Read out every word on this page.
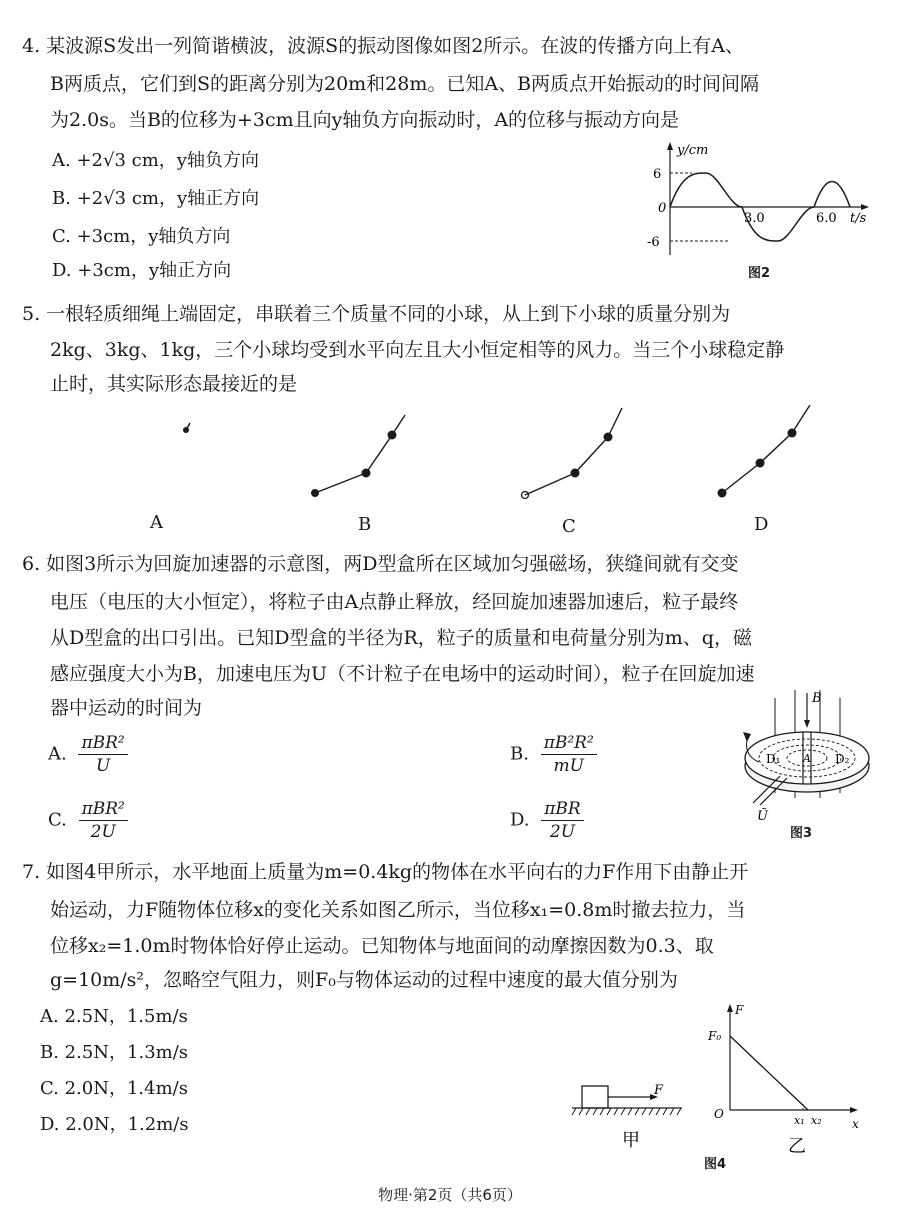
4. 某波源S发出一列简谐横波，波源S的振动图像如图2所示。在波的传播方向上有A、
B两质点，它们到S的距离分别为20m和28m。已知A、B两质点开始振动的时间间隔
为2.0s。当B的位移为+3cm且向y轴负方向振动时，A的位移与振动方向是
A. +2√3 cm，y轴负方向
B. +2√3 cm，y轴正方向
C. +3cm，y轴负方向
D. +3cm，y轴正方向
y/cm
6
0
-6
3.0	6.0 t/s
图2
5. 一根轻质细绳上端固定，串联着三个质量不同的小球，从上到下小球的质量分别为
2kg、3kg、1kg，三个小球均受到水平向左且大小恒定相等的风力。当三个小球稳定静
止时，其实际形态最接近的是
A	B	C	D
6. 如图3所示为回旋加速器的示意图，两D型盒所在区域加匀强磁场，狭缝间就有交变
电压（电压的大小恒定），将粒子由A点静止释放，经回旋加速器加速后，粒子最终
从D型盒的出口引出。已知D型盒的半径为R，粒子的质量和电荷量分别为m、q，磁
感应强度大小为B，加速电压为U（不计粒子在电场中的运动时间），粒子在回旋加速
器中运动的时间为
A. $\frac{\text{πBR²}}{U}$	B. $\frac{\text{πB²R²}}{mU}$
C. $\frac{\text{πBR²}}{2U}$	D. $\frac{\text{πBR}}{2U}$
B
D₁	D₂
A
Ũ
图3
7. 如图4甲所示，水平地面上质量为m=0.4kg的物体在水平向右的力F作用下由静止开
始运动，力F随物体位移x的变化关系如图乙所示，当位移x₁=0.8m时撤去拉力，当
位移x₂=1.0m时物体恰好停止运动。已知物体与地面间的动摩擦因数为0.3、取
g=10m/s²，忽略空气阻力，则F₀与物体运动的过程中速度的最大值分别为
A. 2.5N，1.5m/s
B. 2.5N，1.3m/s
C. 2.0N，1.4m/s
D. 2.0N，1.2m/s
F
甲
F
x
F₀
O	x₁ x₂
乙
图4
物理·第2页（共6页）
